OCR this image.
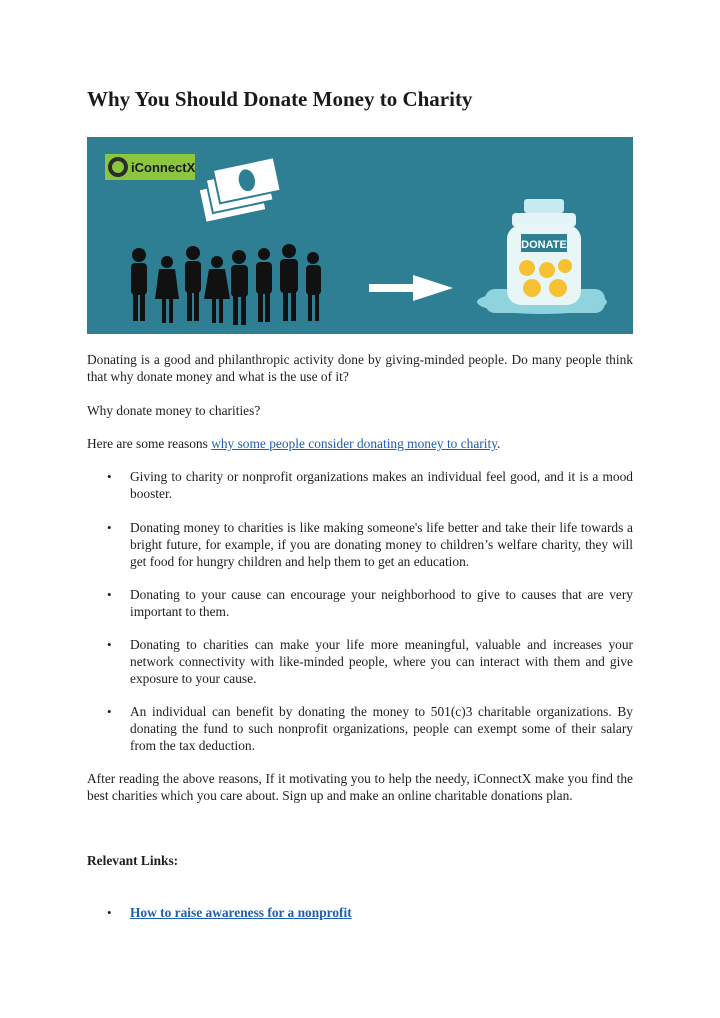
Why You Should Donate Money to Charity
iConnectX
DONATE

Donating is a good and philanthropic activity done by giving-minded people. Do many people think that why donate money and what is the use of it?

Why donate money to charities?

Here are some reasons why some people consider donating money to charity.

• Giving to charity or nonprofit organizations makes an individual feel good, and it is a mood booster.
• Donating money to charities is like making someone's life better and take their life towards a bright future, for example, if you are donating money to children’s welfare charity, they will get food for hungry children and help them to get an education.
• Donating to your cause can encourage your neighborhood to give to causes that are very important to them.
• Donating to charities can make your life more meaningful, valuable and increases your network connectivity with like-minded people, where you can interact with them and give exposure to your cause.
• An individual can benefit by donating the money to 501(c)3 charitable organizations. By donating the fund to such nonprofit organizations, people can exempt some of their salary from the tax deduction.

After reading the above reasons, If it motivating you to help the needy, iConnectX make you find the best charities which you care about. Sign up and make an online charitable donations plan.

Relevant Links:
• How to raise awareness for a nonprofit
